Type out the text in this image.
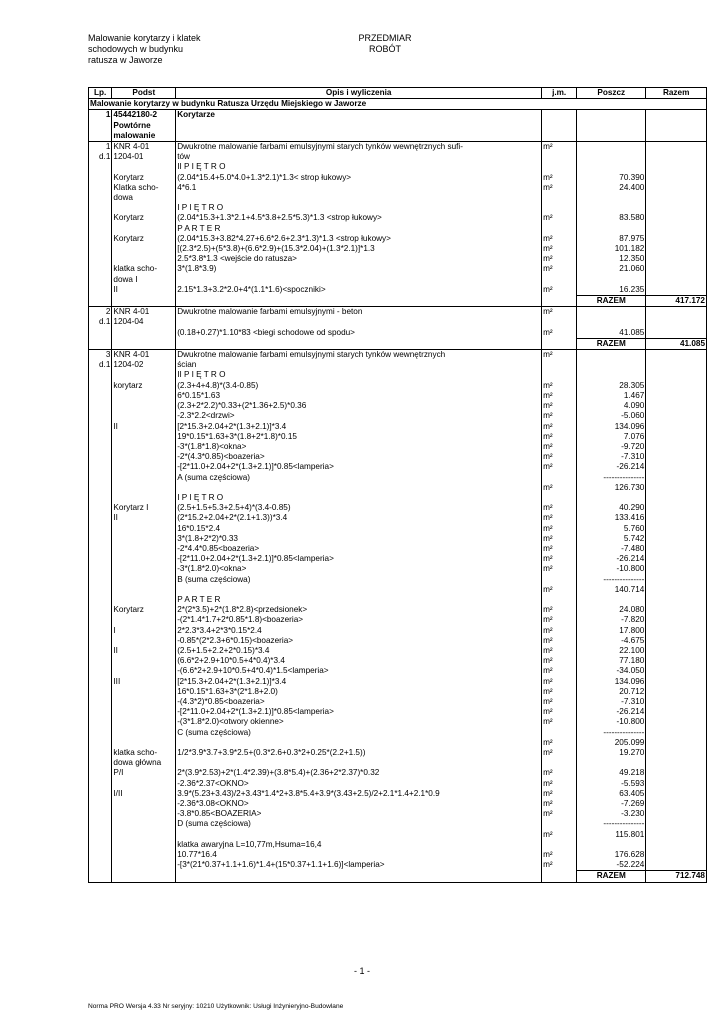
Malowanie korytarzy i klatek
schodowych w budynku
ratusza w Jaworze
PRZEDMIAR
ROBÓT
Lp.	Podst	Opis i wyliczenia	j.m.	Poszcz	Razem
Malowanie korytarzy w budynku Ratusza Urzędu Miejskiego w Jaworze					
1	45442180-2	Korytarze			
	Powtórne				
	malowanie				
1	KNR 4-01	Dwukrotne malowanie farbami emulsyjnymi starych tynków wewnętrznych sufi-	m²		
d.1	1204-01	tów			
		II P I Ę T R O			
	Korytarz	(2.04*15.4+5.0*4.0+1.3*2.1)*1.3< strop łukowy>	m²	70.390	
	Klatka scho-	4*6.1	m²	24.400	
	dowa				
		I P I Ę T R O			
	Korytarz	(2.04*15.3+1.3*2.1+4.5*3.8+2.5*5.3)*1.3 <strop łukowy>	m²	83.580	
		P A R T E R			
	Korytarz	(2.04*15.3+3.82*4.27+6.6*2.6+2.3*1.3)*1.3 <strop łukowy>	m²	87.975	
		[(2.3*2.5)+(5*3.8)+(6.6*2.9)+(15.3*2.04)+(1.3*2.1)]*1.3	m²	101.182	
		2.5*3.8*1.3 <wejście do ratusza>	m²	12.350	
	klatka scho-	3*(1.8*3.9)	m²	21.060	
	dowa I				
	II	2.15*1.3+3.2*2.0+4*(1.1*1.6)<spoczniki>	m²	16.235	
				RAZEM	417.172
2	KNR 4-01	Dwukrotne malowanie farbami emulsyjnymi - beton	m²		
d.1	1204-04				
		(0.18+0.27)*1.10*83 <biegi schodowe od spodu>	m²	41.085	

				RAZEM	41.085
3	KNR 4-01	Dwukrotne malowanie farbami emulsyjnymi starych tynków wewnętrznych	m²		
d.1	1204-02	ścian			
		II P I Ę T R O			
	korytarz	(2.3+4+4.8)*(3.4-0.85)	m²	28.305	
		6*0.15*1.63	m²	1.467	
		(2.3+2*2.2)*0.33+(2*1.36+2.5)*0.36	m²	4.090	
		-2.3*2.2<drzwi>	m²	-5.060	
	II	[2*15.3+2.04+2*(1.3+2.1)]*3.4	m²	134.096	
		19*0.15*1.63+3*(1.8+2*1.8)*0.15	m²	7.076	
		-3*(1.8*1.8)<okna>	m²	-9.720	
		-2*(4.3*0.85)<boazeria>	m²	-7.310	
		-[2*11.0+2.04+2*(1.3+2.1)]*0.85<lamperia>	m²	-26.214	
		A (suma częściowa)		---------------	
			m²	126.730	
		I P I Ę T R O			
	Korytarz I	(2.5+1.5+5.3+2.5+4)*(3.4-0.85)	m²	40.290	
	II	(2*15.2+2.04+2*(2.1+1.3))*3.4	m²	133.416	
		16*0.15*2.4	m²	5.760	
		3*(1.8+2*2)*0.33	m²	5.742	
		-2*4.4*0.85<boazeria>	m²	-7.480	
		-[2*11.0+2.04+2*(1.3+2.1)]*0.85<lamperia>	m²	-26.214	
		-3*(1.8*2.0)<okna>	m²	-10.800	
		B (suma częściowa)		---------------	
			m²	140.714	
		P A R T E R			
	Korytarz	2*(2*3.5)+2*(1.8*2.8)<przedsionek>	m²	24.080	
		-(2*1.4*1.7+2*0.85*1.8)<boazeria>	m²	-7.820	
	I	2*2.3*3.4+2*3*0.15*2.4	m²	17.800	
		-0.85*(2*2.3+6*0.15)<boazeria>	m²	-4.675	
	II	(2.5+1.5+2.2+2*0.15)*3.4	m²	22.100	
		(6.6*2+2.9+10*0.5+4*0.4)*3.4	m²	77.180	
		-(6.6*2+2.9+10*0.5+4*0.4)*1.5<lamperia>	m²	-34.050	
	III	[2*15.3+2.04+2*(1.3+2.1)]*3.4	m²	134.096	
		16*0.15*1.63+3*(2*1.8+2.0)	m²	20.712	
		-(4.3*2)*0.85<boazeria>	m²	-7.310	
		-[2*11.0+2.04+2*(1.3+2.1)]*0.85<lamperia>	m²	-26.214	
		-(3*1.8*2.0)<otwory okienne>	m²	-10.800	
		C (suma częściowa)		---------------	
			m²	205.099	
	klatka scho-	1/2*3.9*3.7+3.9*2.5+(0.3*2.6+0.3*2+0.25*(2.2+1.5))	m²	19.270	
	dowa główna				
	P/I	2*(3.9*2.53)+2*(1.4*2.39)+(3.8*5.4)+(2.36+2*2.37)*0.32	m²	49.218	
		-2.36*2.37<OKNO>	m²	-5.593	
	I/II	3.9*(5.23+3.43)/2+3.43*1.4*2+3.8*5.4+3.9*(3.43+2.5)/2+2.1*1.4+2.1*0.9	m²	63.405	
		-2.36*3.08<OKNO>	m²	-7.269	
		-3.8*0.85<BOAZERIA>	m²	-3.230	
		D (suma częściowa)		---------------	
			m²	115.801	
		klatka awaryjna L=10,77m,Hsuma=16,4			
		10.77*16.4	m²	176.628	
		-[3*(21*0.37+1.1+1.6)*1.4+(15*0.37+1.1+1.6)]<lamperia>	m²	-52.224	
				RAZEM	712.748
- 1 -
Norma PRO Wersja 4.33 Nr seryjny: 10210 Użytkownik: Usługi Inżynieryjno-Budowlane
